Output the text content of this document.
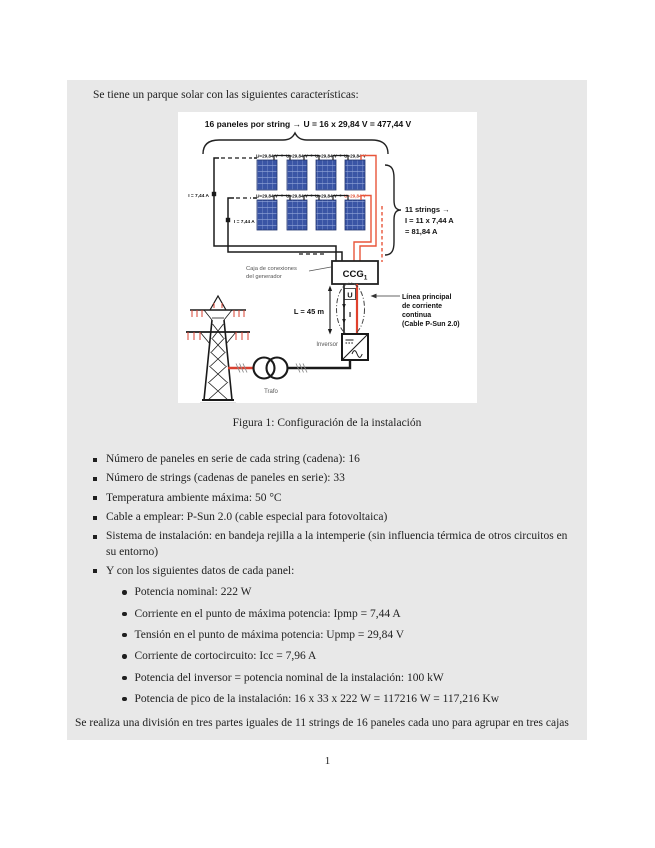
Se tiene un parque solar con las siguientes características:
16 paneles por string → U = 16 x 29,84 V = 477,44 V
U=29,84 V U=29,84 V U=29,84 V U=29,84 V
U=29,84 V U=29,84 V U=29,84 V U=29,84 V
I = 7,44 A
I = 7,44 A
11 strings →
I = 11 x 7,44 A
= 81,84 A
$CCG_1$
Caja de conexiones
del generador
U
I
L = 45 m
Línea principal
de corriente
continua
(Cable P-Sun 2.0)
Inversor
Trafo
Figura 1: Configuración de la instalación
Número de paneles en serie de cada string (cadena): 16
Número de strings (cadenas de paneles en serie): 33
Temperatura ambiente máxima: 50 °C
Cable a emplear: P-Sun 2.0 (cable especial para fotovoltaica)
Sistema de instalación: en bandeja rejilla a la intemperie (sin influencia térmica de otros circuitos en su entorno)
Y con los siguientes datos de cada panel:
Potencia nominal: 222 W
Corriente en el punto de máxima potencia: Ipmp = 7,44 A
Tensión en el punto de máxima potencia: Upmp = 29,84 V
Corriente de cortocircuito: Icc = 7,96 A
Potencia del inversor = potencia nominal de la instalación: 100 kW
Potencia de pico de la instalación: 16 x 33 x 222 W = 117216 W = 117,216 Kw
Se realiza una división en tres partes iguales de 11 strings de 16 paneles cada uno para agrupar en tres cajas
1
